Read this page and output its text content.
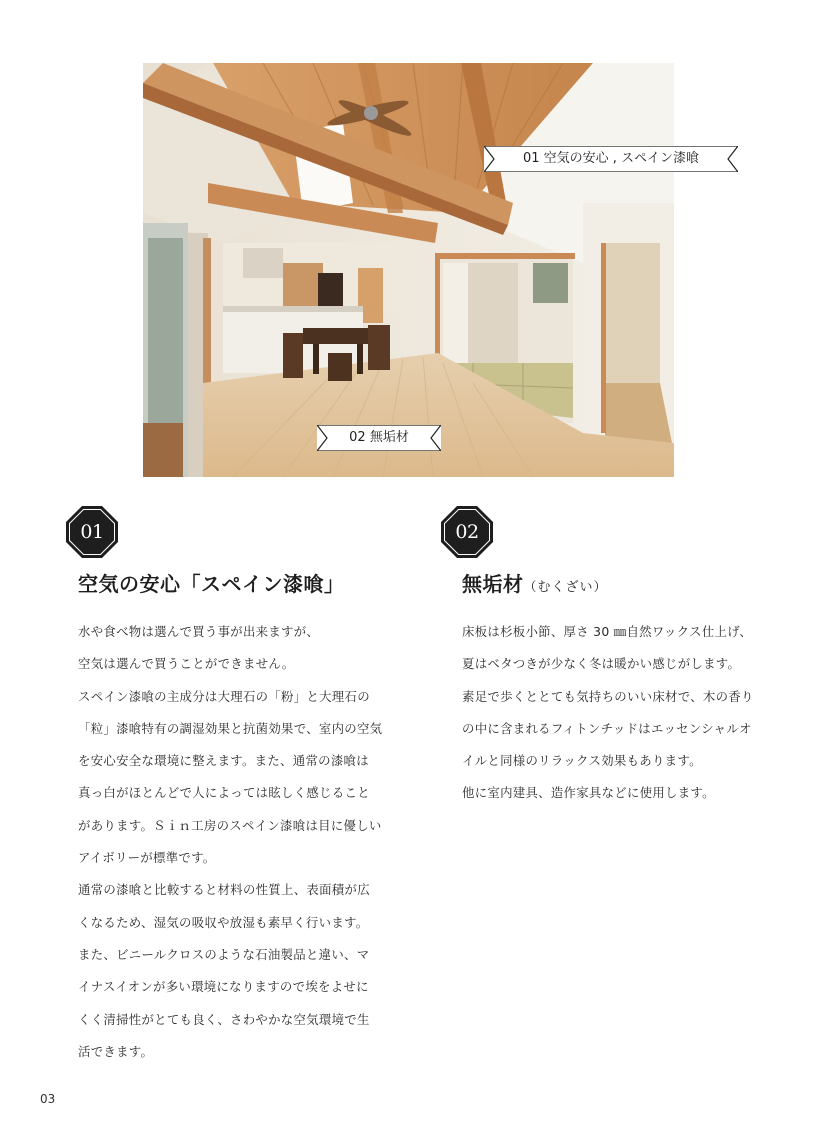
01 空気の安心 , スペイン漆喰
02 無垢材
01
空気の安心「スペイン漆喰」
水や食べ物は選んで買う事が出来ますが、
空気は選んで買うことができません。
スペイン漆喰の主成分は大理石の「粉」と大理石の
「粒」漆喰特有の調湿効果と抗菌効果で、室内の空気
を安心安全な環境に整えます。また、通常の漆喰は
真っ白がほとんどで人によっては眩しく感じること
があります。Ｓｉｎ工房のスペイン漆喰は目に優しい
アイボリーが標準です。
通常の漆喰と比較すると材料の性質上、表面積が広
くなるため、湿気の吸収や放湿も素早く行います。
また、ビニールクロスのような石油製品と違い、マ
イナスイオンが多い環境になりますので埃をよせに
くく清掃性がとても良く、さわやかな空気環境で生
活できます。
02
無垢材（むくざい）
床板は杉板小節、厚さ 30 ㎜自然ワックス仕上げ、
夏はベタつきが少なく冬は暖かい感じがします。
素足で歩くととても気持ちのいい床材で、木の香り
の中に含まれるフィトンチッドはエッセンシャルオ
イルと同様のリラックス効果もあります。
他に室内建具、造作家具などに使用します。
03
